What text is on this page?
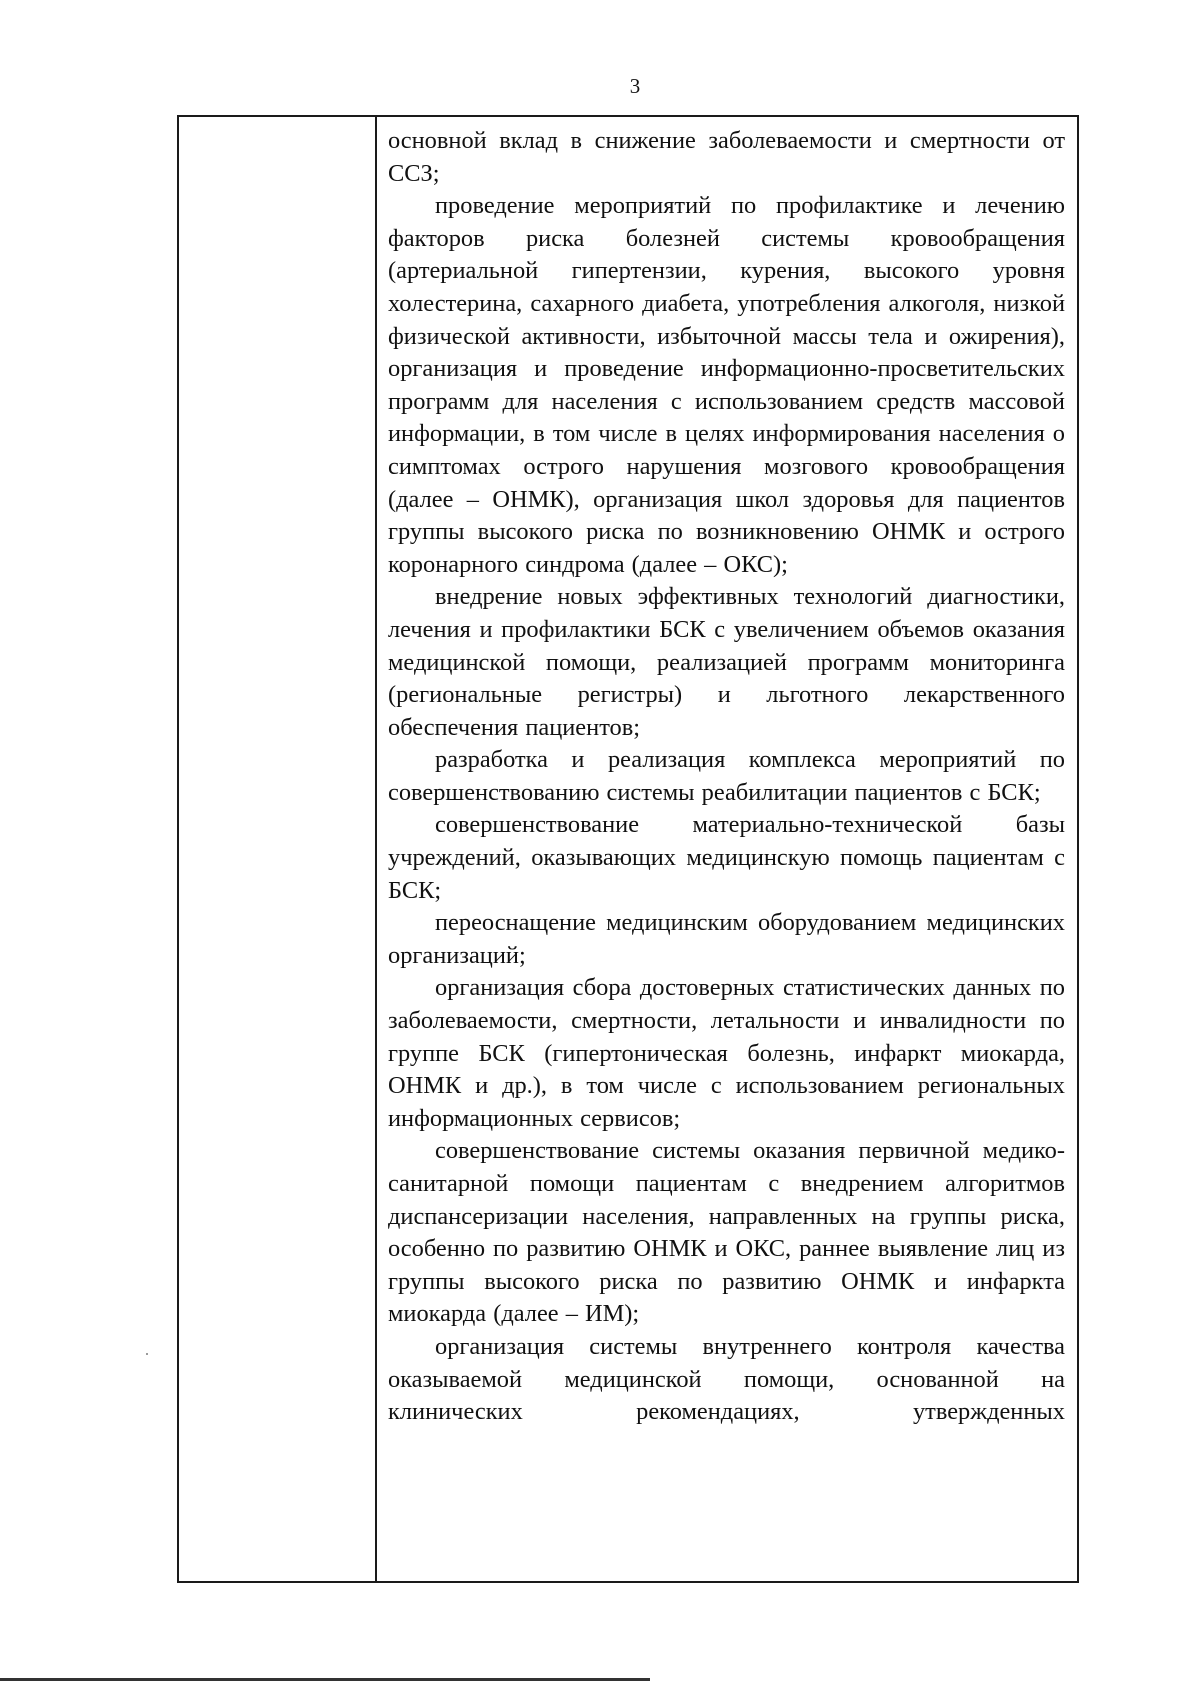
3

основной вклад в снижение заболеваемости и смертности от ССЗ;

проведение мероприятий по профилактике и лечению факторов риска болезней системы кровообращения (артериальной гипертензии, курения, высокого уровня холестерина, сахарного диабета, употребления алкоголя, низкой физической активности, избыточной массы тела и ожирения), организация и проведение информационно-просветительских программ для населения с использованием средств массовой информации, в том числе в целях информирования населения о симптомах острого нарушения мозгового кровообращения (далее – ОНМК), организация школ здоровья для пациентов группы высокого риска по возникновению ОНМК и острого коронарного синдрома (далее – ОКС);

внедрение новых эффективных технологий диагностики, лечения и профилактики БСК с увеличением объемов оказания медицинской помощи, реализацией программ мониторинга (региональные регистры) и льготного лекарственного обеспечения пациентов;

разработка и реализация комплекса мероприятий по совершенствованию системы реабилитации пациентов с БСК;

совершенствование материально-технической базы учреждений, оказывающих медицинскую помощь пациентам с БСК;

переоснащение медицинским оборудованием медицинских организаций;

организация сбора достоверных статистических данных по заболеваемости, смертности, летальности и инвалидности по группе БСК (гипертоническая болезнь, инфаркт миокарда, ОНМК и др.), в том числе с использованием региональных информационных сервисов;

совершенствование системы оказания первичной медико-санитарной помощи пациентам с внедрением алгоритмов диспансеризации населения, направленных на группы риска, особенно по развитию ОНМК и ОКС, раннее выявление лиц из группы высокого риска по развитию ОНМК и инфаркта миокарда (далее – ИМ);

организация системы внутреннего контроля качества оказываемой медицинской помощи, основанной на клинических рекомендациях, утвержденных
